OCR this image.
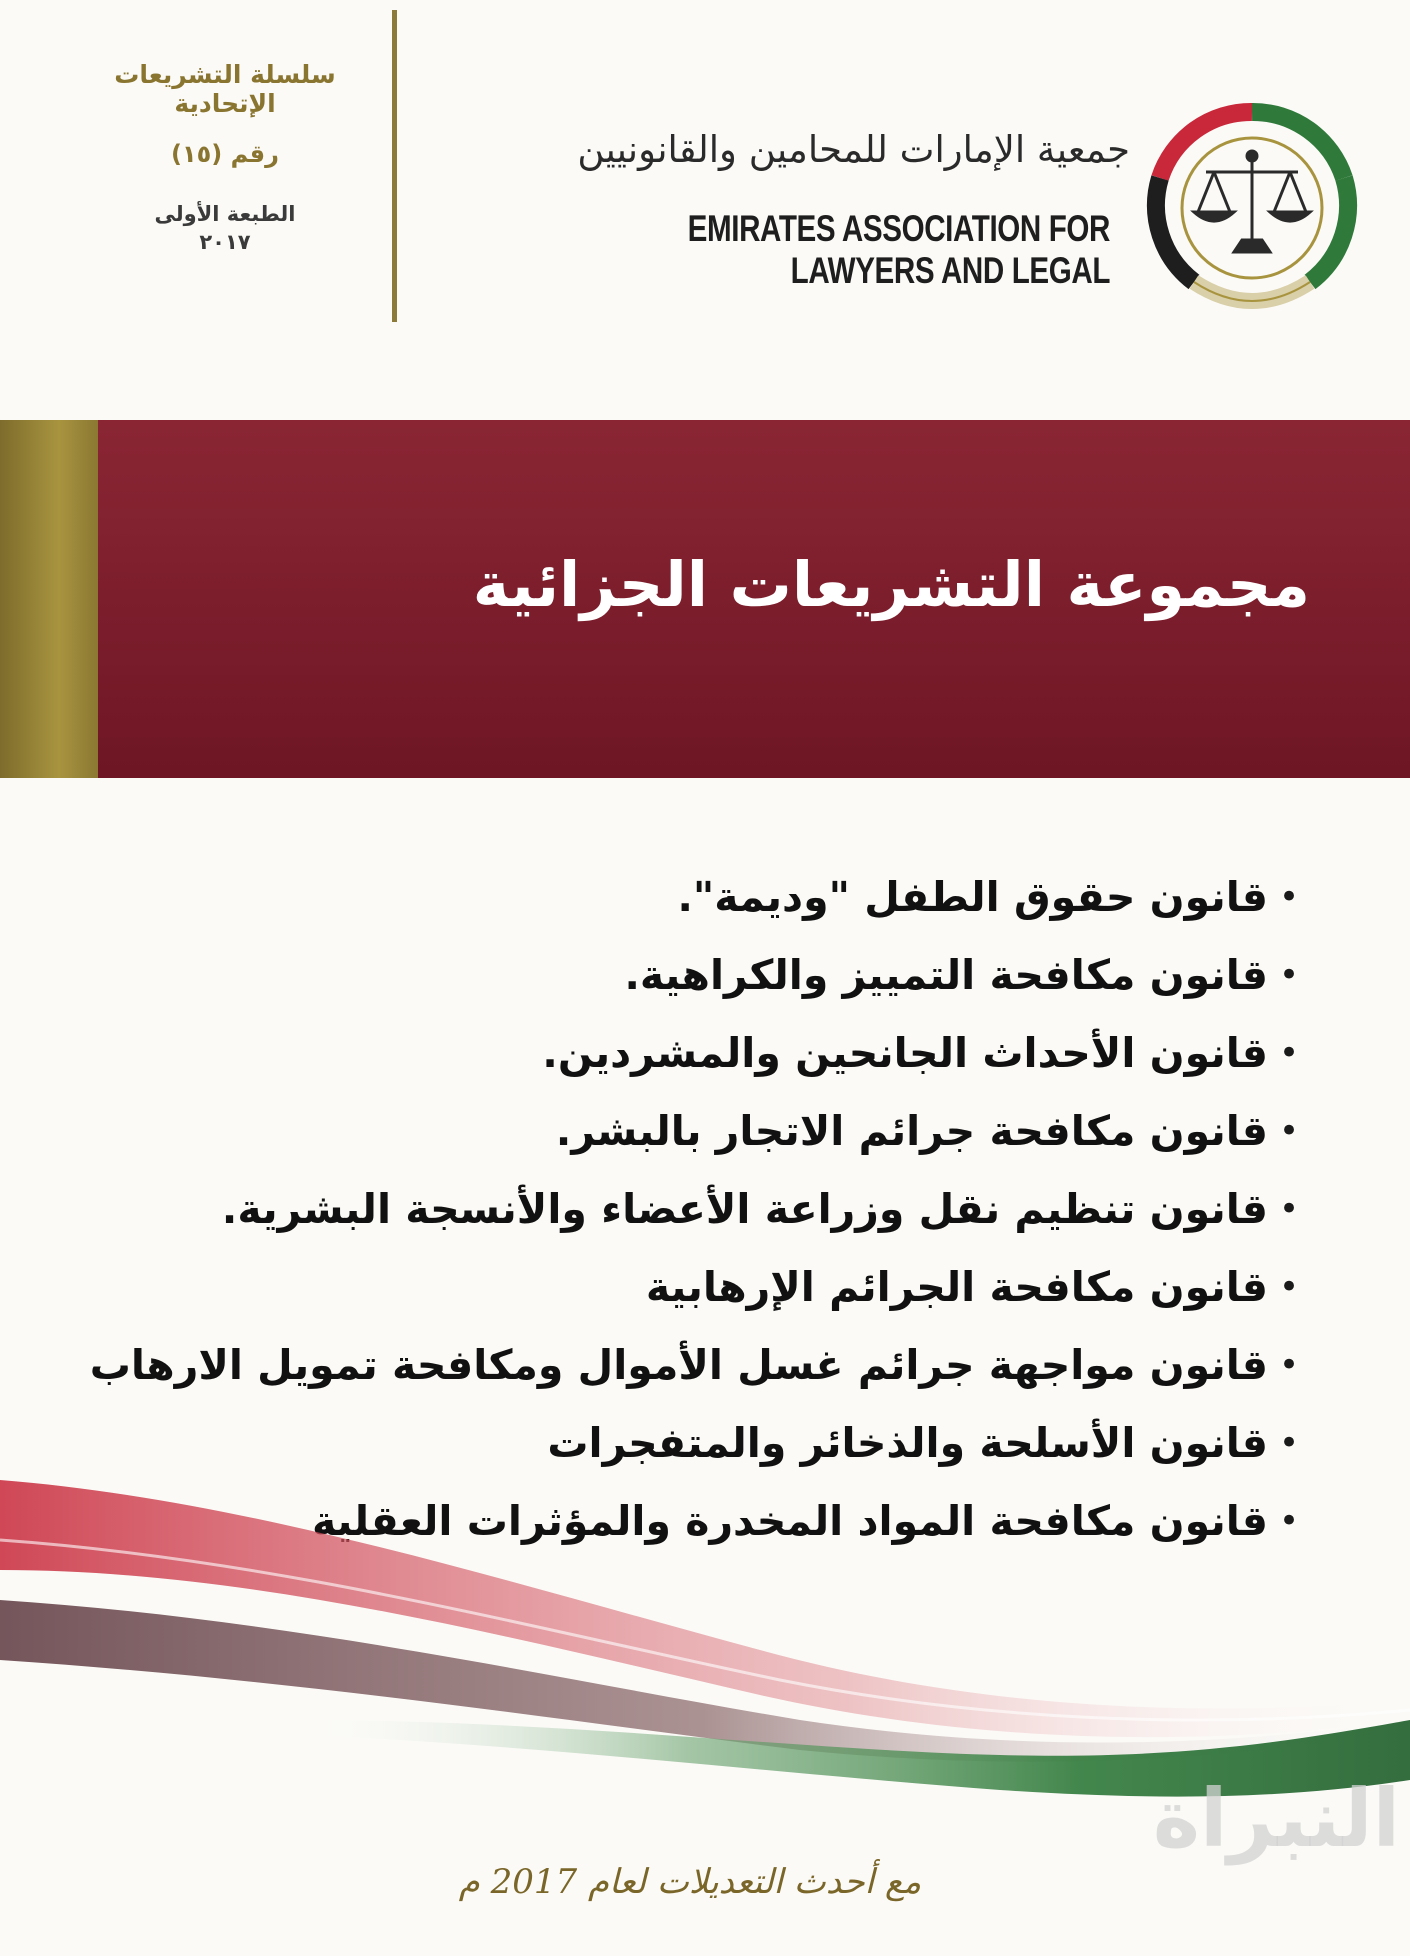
سلسلة التشريعات الإتحادية
رقم (١٥)
الطبعة الأولى
٢٠١٧
جمعية الإمارات للمحامين والقانونيين
EMIRATES ASSOCIATION FOR LAWYERS AND LEGAL
مجموعة التشريعات الجزائية
•
قانون حقوق الطفل "وديمة".
•
قانون مكافحة التمييز والكراهية.
•
قانون الأحداث الجانحين والمشردين.
•
قانون مكافحة جرائم الاتجار بالبشر.
•
قانون تنظيم نقل وزراعة الأعضاء والأنسجة البشرية.
•
قانون مكافحة الجرائم الإرهابية
•
قانون مواجهة جرائم غسل الأموال ومكافحة تمويل الارهاب
•
قانون الأسلحة والذخائر والمتفجرات
•
قانون مكافحة المواد المخدرة والمؤثرات العقلية
مع أحدث التعديلات لعام 2017 م
النبراة
